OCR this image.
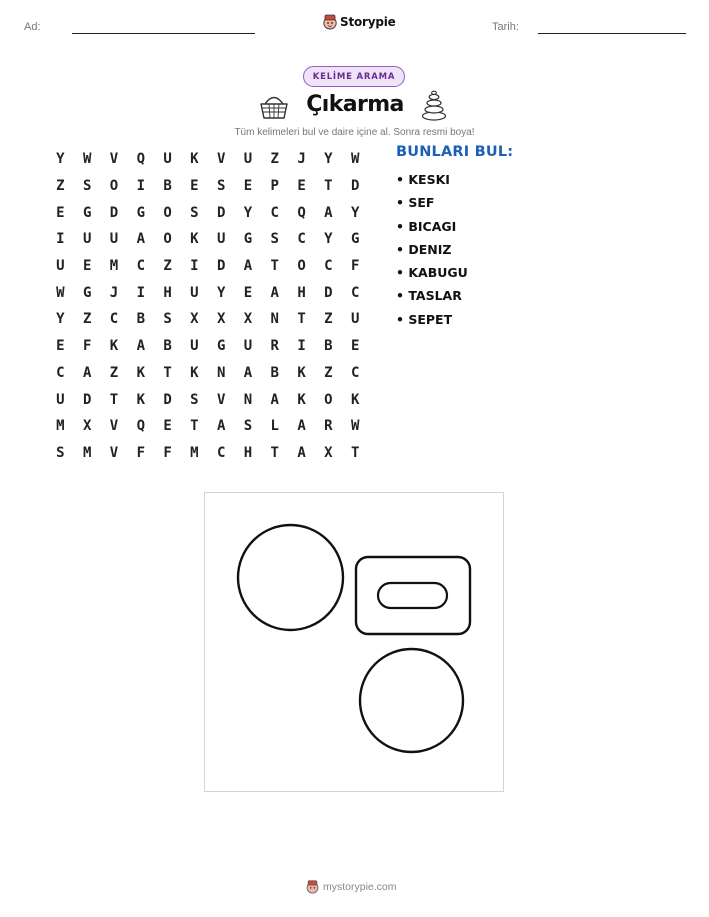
Ad:	Storypie	Tarih:
KELİME ARAMA
Çıkarma
Tüm kelimeleri bul ve daire içine al. Sonra resmi boya!
Y	W	V	Q	U	K	V	U	Z	J	Y	W
Z	S	O	I	B	E	S	E	P	E	T	D
E	G	D	G	O	S	D	Y	C	Q	A	Y
I	U	U	A	O	K	U	G	S	C	Y	G
U	E	M	C	Z	I	D	A	T	O	C	F
W	G	J	I	H	U	Y	E	A	H	D	C
Y	Z	C	B	S	X	X	X	N	T	Z	U
E	F	K	A	B	U	G	U	R	I	B	E
C	A	Z	K	T	K	N	A	B	K	Z	C
U	D	T	K	D	S	V	N	A	K	O	K
M	X	V	Q	E	T	A	S	L	A	R	W
S	M	V	F	F	M	C	H	T	A	X	T
BUNLARI BUL:
• KESKI
• SEF
• BICAGI
• DENIZ
• KABUGU
• TASLAR
• SEPET
mystorypie.com
